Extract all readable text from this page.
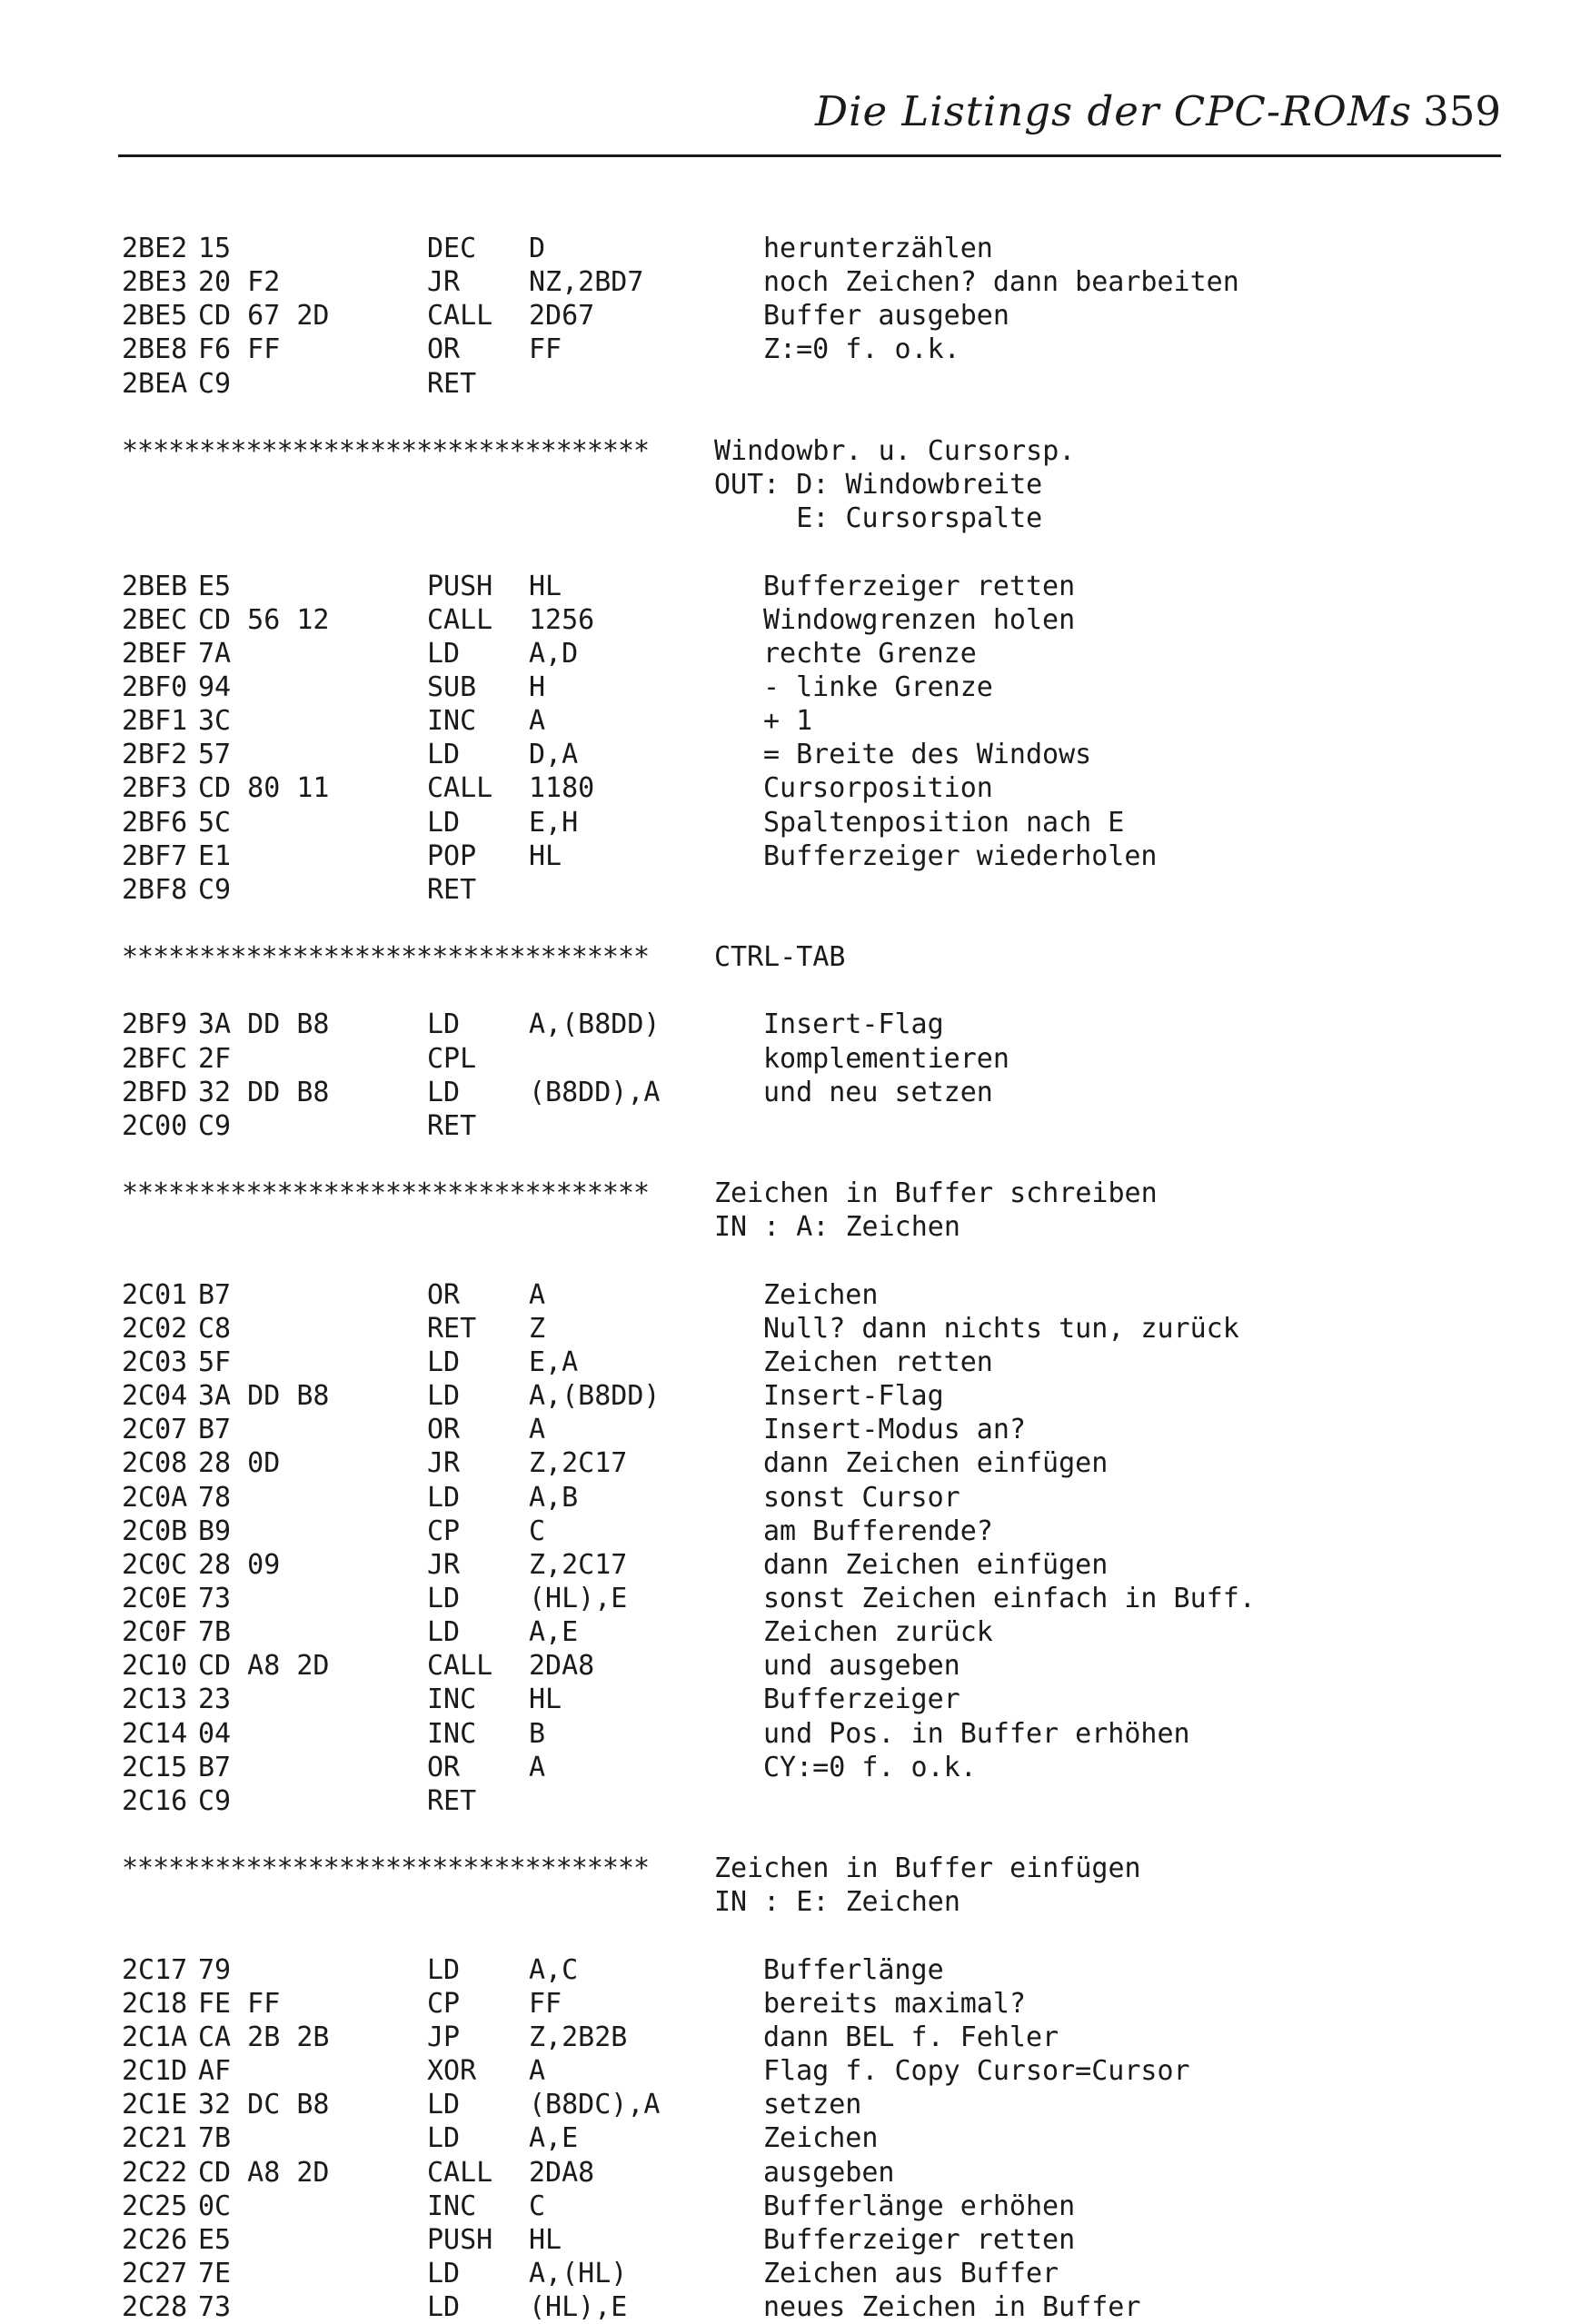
Die Listings der CPC-ROMs 359
2BE2 15	DEC D	herunterzählen
2BE3 20 F2	JR	NZ,2BD7	noch Zeichen? dann bearbeiten
2BE5 CD 67 2D	CALL 2D67	Buffer ausgeben
2BE8 F6 FF	OR	FF	Z:=0 f. o.k.
2BEA C9	RET
********************************** Windowbr. u. Cursorsp.
OUT: D: Windowbreite
E: Cursorspalte
2BEB E5	PUSH HL	Bufferzeiger retten
2BEC CD 56 12	CALL 1256	Windowgrenzen holen
2BEF 7A	LD	A,D	rechte Grenze
2BF0 94	SUB H	- linke Grenze
2BF1 3C	INC A	+ 1
2BF2 57	LD	D,A	= Breite des Windows
2BF3 CD 80 11	CALL 1180	Cursorposition
2BF6 5C	LD	E,H	Spaltenposition nach E
2BF7 E1	POP HL	Bufferzeiger wiederholen
2BF8 C9	RET
********************************** CTRL-TAB
2BF9 3A DD B8	LD	A,(B8DD)	Insert-Flag
2BFC 2F	CPL	komplementieren
2BFD 32 DD B8	LD	(B8DD),A	und neu setzen
2C00 C9	RET
********************************** Zeichen in Buffer schreiben
IN : A: Zeichen
2C01 B7	OR	A	Zeichen
2C02 C8	RET Z	Null? dann nichts tun, zurück
2C03 5F	LD	E,A	Zeichen retten
2C04 3A DD B8	LD	A,(B8DD)	Insert-Flag
2C07 B7	OR	A	Insert-Modus an?
2C08 28 0D	JR	Z,2C17	dann Zeichen einfügen
2C0A 78	LD	A,B	sonst Cursor
2C0B B9	CP	C	am Bufferende?
2C0C 28 09	JR	Z,2C17	dann Zeichen einfügen
2C0E 73	LD	(HL),E	sonst Zeichen einfach in Buff.
2C0F 7B	LD	A,E	Zeichen zurück
2C10 CD A8 2D	CALL 2DA8	und ausgeben
2C13 23	INC HL	Bufferzeiger
2C14 04	INC B	und Pos. in Buffer erhöhen
2C15 B7	OR	A	CY:=0 f. o.k.
2C16 C9	RET
********************************** Zeichen in Buffer einfügen
IN : E: Zeichen
2C17 79	LD	A,C	Bufferlänge
2C18 FE FF	CP	FF	bereits maximal?
2C1A CA 2B 2B	JP	Z,2B2B	dann BEL f. Fehler
2C1D AF	XOR A	Flag f. Copy Cursor=Cursor
2C1E 32 DC B8	LD	(B8DC),A	setzen
2C21 7B	LD	A,E	Zeichen
2C22 CD A8 2D	CALL 2DA8	ausgeben
2C25 0C	INC C	Bufferlänge erhöhen
2C26 E5	PUSH HL	Bufferzeiger retten
2C27 7E	LD	A,(HL)	Zeichen aus Buffer
2C28 73	LD	(HL),E	neues Zeichen in Buffer
